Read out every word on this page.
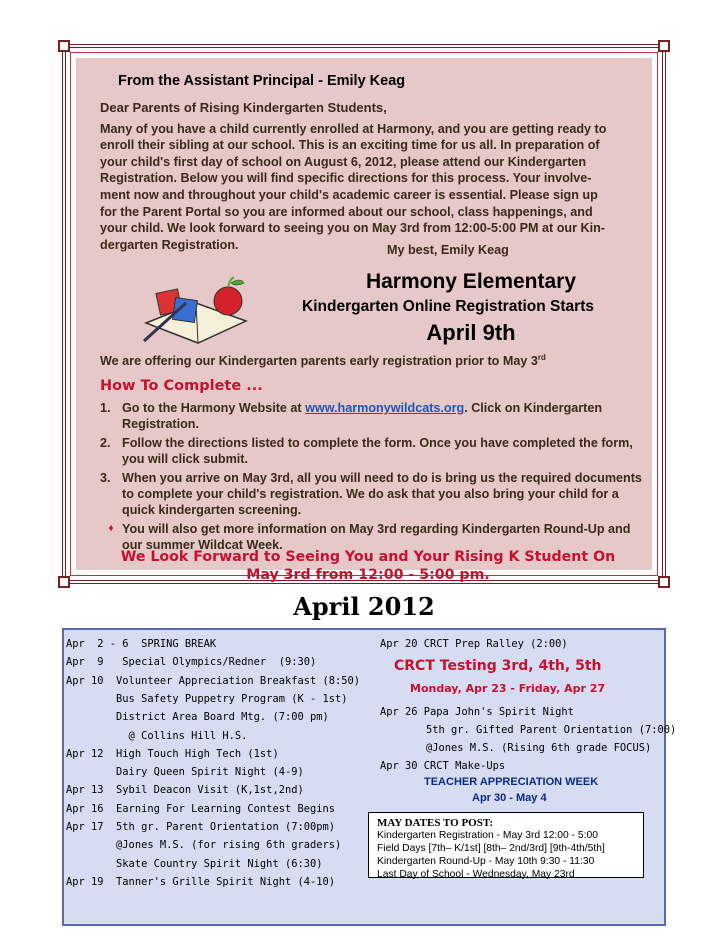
From the Assistant Principal - Emily Keag
Dear Parents of Rising Kindergarten Students,
Many of you have a child currently enrolled at Harmony, and you are getting ready to
enroll their sibling at our school. This is an exciting time for us all. In preparation of
your child's first day of school on August 6, 2012, please attend our Kindergarten
Registration. Below you will find specific directions for this process. Your involve-
ment now and throughout your child's academic career is essential. Please sign up
for the Parent Portal so you are informed about our school, class happenings, and
your child. We look forward to seeing you on May 3rd from 12:00-5:00 PM at our Kin-
dergarten Registration.	My best, Emily Keag
Harmony Elementary
Kindergarten Online Registration Starts
April 9th
We are offering our Kindergarten parents early registration prior to May 3rd
How To Complete ...
1. Go to the Harmony Website at www.harmonywildcats.org. Click on Kindergarten Registration.
2. Follow the directions listed to complete the form. Once you have completed the form, you will click submit.
3. When you arrive on May 3rd, all you will need to do is bring us the required documents to complete your child's registration. We do ask that you also bring your child for a quick kindergarten screening.
♦ You will also get more information on May 3rd regarding Kindergarten Round-Up and our summer Wildcat Week.
We Look Forward to Seeing You and Your Rising K Student On
May 3rd from 12:00 - 5:00 pm.
April 2012
Apr  2 - 6  SPRING BREAK
Apr  9   Special Olympics/Redner  (9:30)
Apr 10  Volunteer Appreciation Breakfast (8:50)
Bus Safety Puppetry Program (K - 1st)
District Area Board Mtg. (7:00 pm)
@ Collins Hill H.S.
Apr 12  High Touch High Tech (1st)
Dairy Queen Spirit Night (4-9)
Apr 13  Sybil Deacon Visit (K,1st,2nd)
Apr 16  Earning For Learning Contest Begins
Apr 17  5th gr. Parent Orientation (7:00pm)
@Jones M.S. (for rising 6th graders)
Skate Country Spirit Night (6:30)
Apr 19  Tanner's Grille Spirit Night (4-10)
Apr 20 CRCT Prep Ralley (2:00)
CRCT Testing 3rd, 4th, 5th
Monday, Apr 23 - Friday, Apr 27
Apr 26 Papa John's Spirit Night
5th gr. Gifted Parent Orientation (7:00)
@Jones M.S. (Rising 6th grade FOCUS)
Apr 30 CRCT Make-Ups
TEACHER APPRECIATION WEEK
Apr 30 - May 4
MAY DATES TO POST:
Kindergarten Registration - May 3rd 12:00 - 5:00
Field Days [7th– K/1st] [8th– 2nd/3rd] [9th-4th/5th]
Kindergarten Round-Up - May 10th 9:30 - 11:30
Last Day of School - Wednesday, May 23rd
